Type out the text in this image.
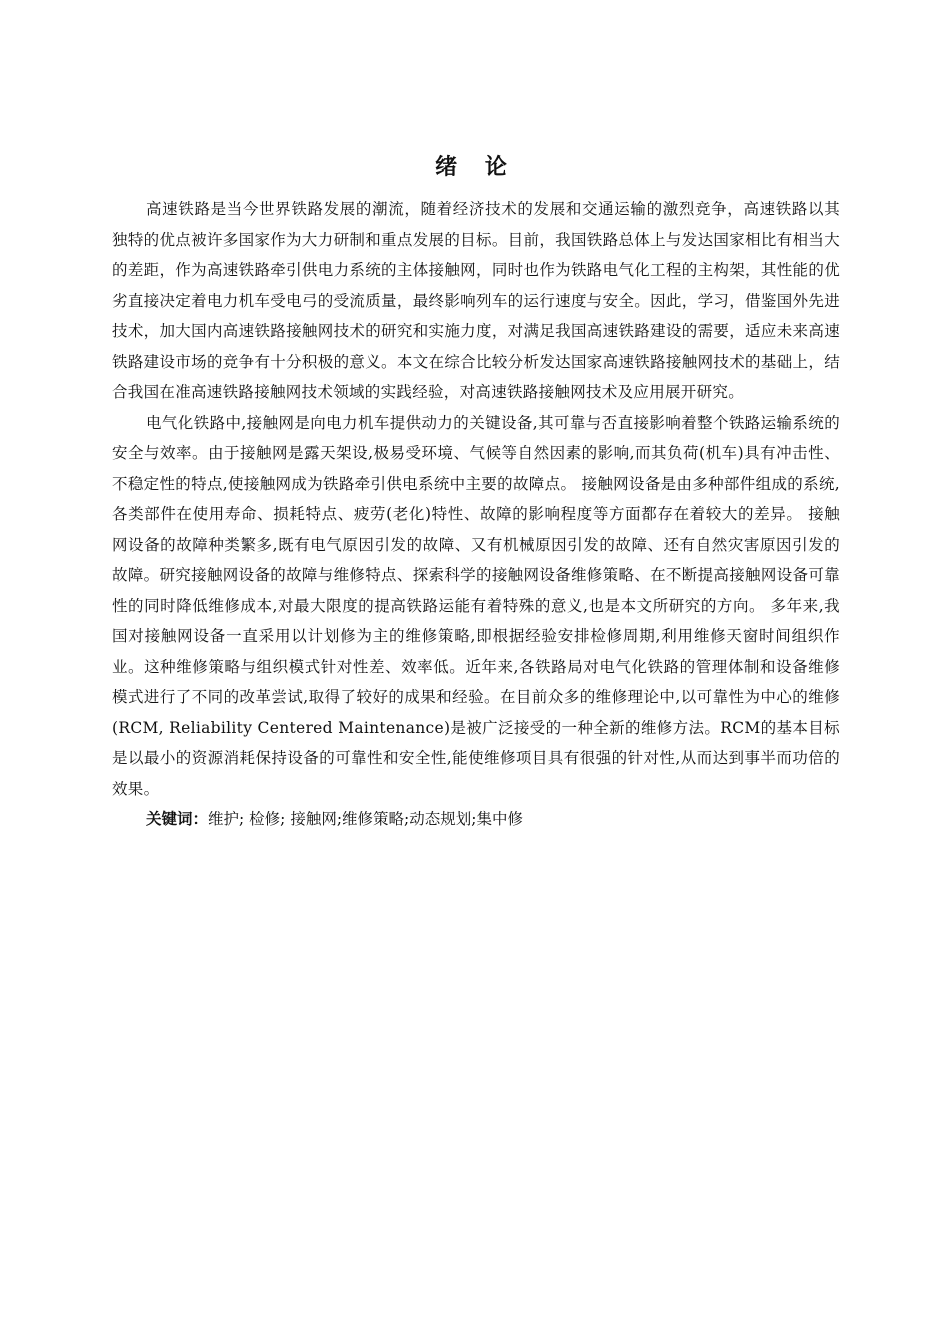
绪 论

高速铁路是当今世界铁路发展的潮流，随着经济技术的发展和交通运输的激烈竞争，高速铁路以其独特的优点被许多国家作为大力研制和重点发展的目标。目前，我国铁路总体上与发达国家相比有相当大的差距，作为高速铁路牵引供电力系统的主体接触网，同时也作为铁路电气化工程的主构架，其性能的优劣直接决定着电力机车受电弓的受流质量，最终影响列车的运行速度与安全。因此，学习，借鉴国外先进技术，加大国内高速铁路接触网技术的研究和实施力度，对满足我国高速铁路建设的需要，适应未来高速铁路建设市场的竞争有十分积极的意义。本文在综合比较分析发达国家高速铁路接触网技术的基础上，结合我国在准高速铁路接触网技术领域的实践经验，对高速铁路接触网技术及应用展开研究。

电气化铁路中,接触网是向电力机车提供动力的关键设备,其可靠与否直接影响着整个铁路运输系统的安全与效率。由于接触网是露天架设,极易受环境、气候等自然因素的影响,而其负荷(机车)具有冲击性、不稳定性的特点,使接触网成为铁路牵引供电系统中主要的故障点。 接触网设备是由多种部件组成的系统,各类部件在使用寿命、损耗特点、疲劳(老化)特性、故障的影响程度等方面都存在着较大的差异。 接触网设备的故障种类繁多,既有电气原因引发的故障、又有机械原因引发的故障、还有自然灾害原因引发的故障。研究接触网设备的故障与维修特点、探索科学的接触网设备维修策略、在不断提高接触网设备可靠性的同时降低维修成本,对最大限度的提高铁路运能有着特殊的意义,也是本文所研究的方向。 多年来,我国对接触网设备一直采用以计划修为主的维修策略,即根据经验安排检修周期,利用维修天窗时间组织作业。这种维修策略与组织模式针对性差、效率低。近年来,各铁路局对电气化铁路的管理体制和设备维修模式进行了不同的改革尝试,取得了较好的成果和经验。在目前众多的维修理论中,以可靠性为中心的维修(RCM, Reliability Centered Maintenance)是被广泛接受的一种全新的维修方法。RCM的基本目标是以最小的资源消耗保持设备的可靠性和安全性,能使维修项目具有很强的针对性,从而达到事半而功倍的效果。

关键词：维护; 检修; 接触网;维修策略;动态规划;集中修
